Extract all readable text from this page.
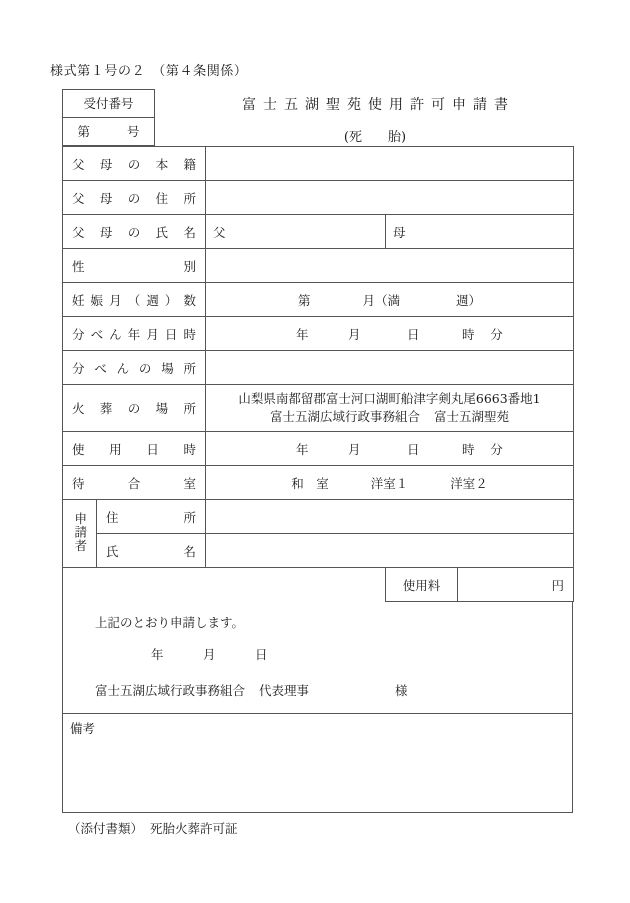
様式第１号の２　（第４条関係）
受付番号
第号
富士五湖聖苑使用許可申請書
(死 胎)
父母の本籍				

父母の住所				

父母の氏名		父	母	

性別				

妊娠月（週）数		第 月（満 週）		

分べん年月日時		年 月 日 時 分		

分べんの場所				

火葬の場所		山梨県南都留郡富士河口湖町船津字剣丸尾6663番地1
富士五湖広域行政事務組合 富士五湖聖苑		

使用日時		年 月 日 時 分		

待合室		和　室 洋室１ 洋室２		
申請者	住所			

	氏名			

			使用料	円
上記のとおり申請します。
年	月	日
富士五湖広域行政事務組合 代表理事	様
備考
（添付書類） 死胎火葬許可証
